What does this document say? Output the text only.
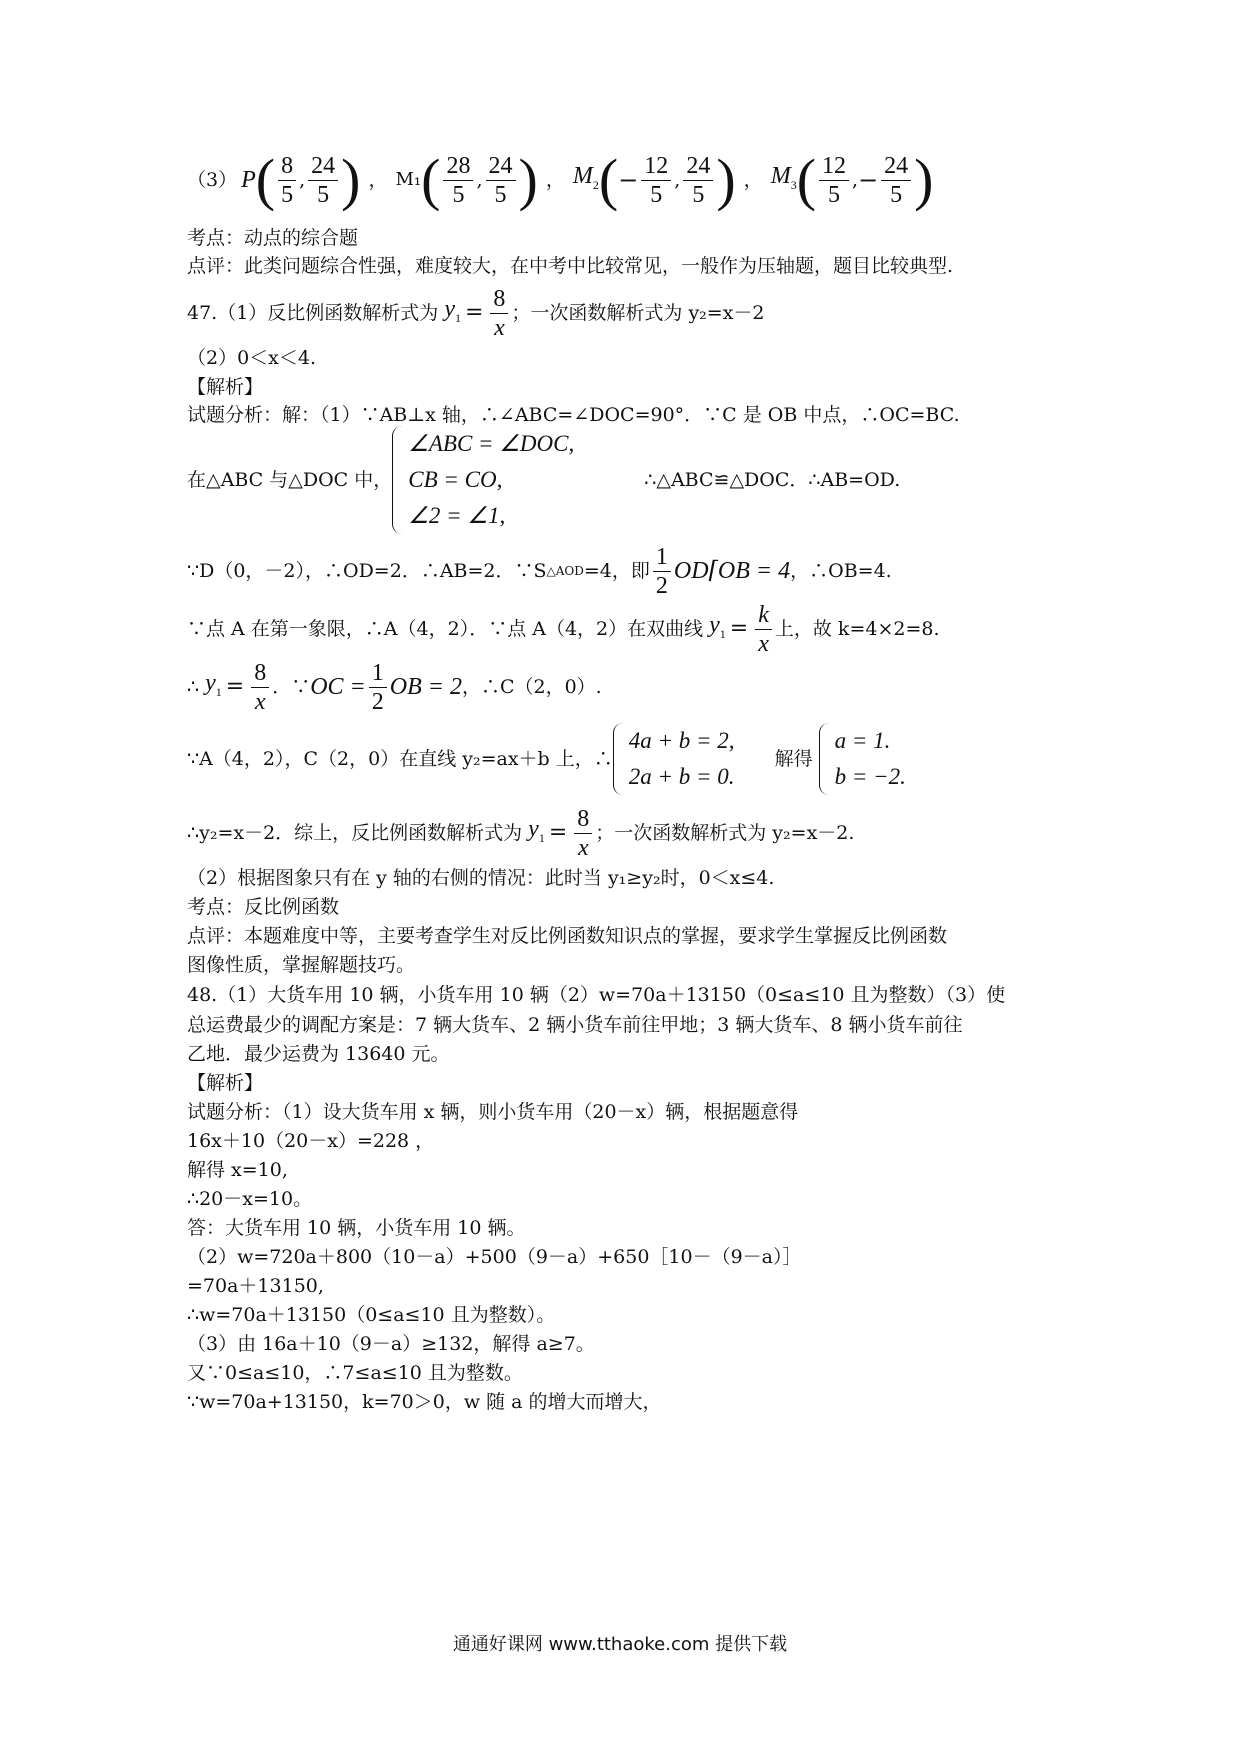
（3） P ( $\frac{8}{5}$ , $\frac{24}{5}$ ) ， M₁ ( $\frac{28}{5}$ , $\frac{24}{5}$ ) ， $M_2$ ( − $\frac{12}{5}$ , $\frac{24}{5}$ ) ， $M_3$ ( $\frac{12}{5}$ , − $\frac{24}{5}$ )
考点：动点的综合题
点评：此类问题综合性强，难度较大，在中考中比较常见，一般作为压轴题，题目比较典型.
47.（1）反比例函数解析式为 $y_1 = \frac{8}{x}$ ；一次函数解析式为 y₂=x－2
（2）0＜x＜4.
【解析】
试题分析：解：（1）∵AB⊥x 轴，∴∠ABC=∠DOC=90°．∵C 是 OB 中点，∴OC=BC.
在△ABC 与△DOC 中，
∠ABC = ∠DOC,
CB = CO,
∠2 = ∠1,
∴△ABC≌△DOC．∴AB=OD.
∵D（0，－2），∴OD=2．∴AB=2．∵S △AOD =4，即 $\frac{1}{2}$ OD⌈OB = 4 ，∴OB=4.
∵点 A 在第一象限，∴A（4，2）．∵点 A（4，2）在双曲线 $y_1 = \frac{k}{x}$ 上，故 k=4×2=8.
∴ $y_1 = \frac{8}{x}$ ．∵ OC = $\frac{1}{2}$ OB = 2 ，∴C（2，0）.
∵A（4，2），C（2，0）在直线 y₂=ax＋b 上，∴
4a + b = 2,
2a + b = 0.
解得
a = 1.
b = −2.
∴y₂=x－2．综上，反比例函数解析式为 $y_1 = \frac{8}{x}$ ；一次函数解析式为 y₂=x－2.
（2）根据图象只有在 y 轴的右侧的情况：此时当 y₁≥y₂时，0＜x≤4.
考点：反比例函数
点评：本题难度中等，主要考查学生对反比例函数知识点的掌握，要求学生掌握反比例函数
图像性质，掌握解题技巧。
48.（1）大货车用 10 辆，小货车用 10 辆（2）w=70a＋13150（0≤a≤10 且为整数）（3）使
总运费最少的调配方案是：7 辆大货车、2 辆小货车前往甲地；3 辆大货车、8 辆小货车前往
乙地．最少运费为 13640 元。
【解析】
试题分析：（1）设大货车用 x 辆，则小货车用（20－x）辆，根据题意得
16x＋10（20－x）=228 ，
解得 x=10,
∴20－x=10。
答：大货车用 10 辆，小货车用 10 辆。
（2）w=720a＋800（10－a）+500（9－a）+650［10－（9－a）］
=70a＋13150,
∴w=70a＋13150（0≤a≤10 且为整数）。
（3）由 16a＋10（9－a）≥132，解得 a≥7。
又∵0≤a≤10，∴7≤a≤10 且为整数。
∵w=70a+13150，k=70＞0，w 随 a 的增大而增大，
通通好课网 www.tthaoke.com 提供下载
